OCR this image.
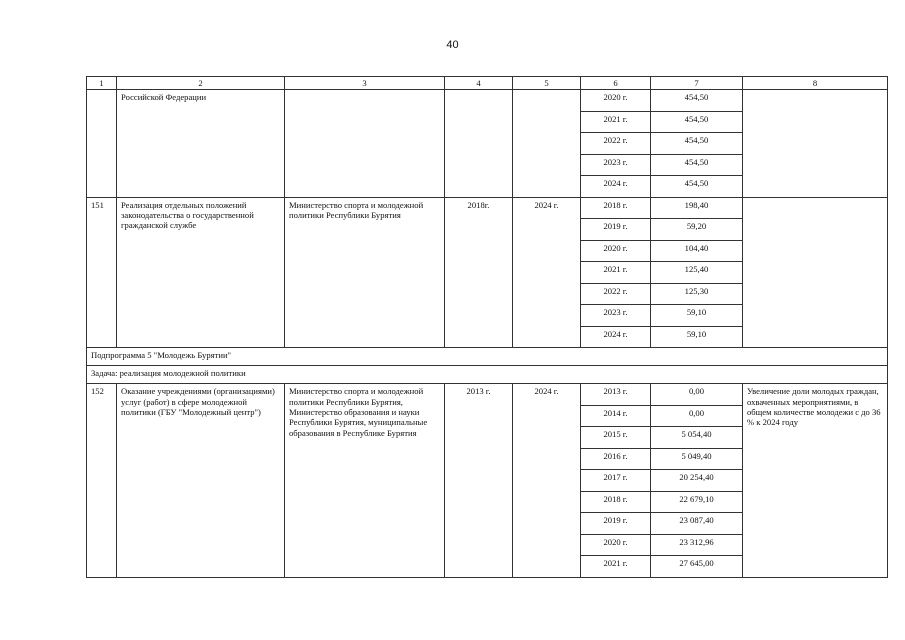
40
1	2	3	4	5	6	7	8
	Российской Федерации				2020 г.	454,50	
					2021 г.	454,50	
					2022 г.	454,50	
					2023 г.	454,50	
					2024 г.	454,50	
151	Реализация отдельных положений законодательства о государственной гражданской службе	Министерство спорта и молодежной политики Республики Бурятия	2018г.	2024 г.	2018 г.	198,40	
					2019 г.	59,20	
					2020 г.	104,40	
					2021 г.	125,40	
					2022 г.	125,30	
					2023 г.	59,10	
					2024 г.	59,10	
Подпрограмма 5 "Молодежь Бурятии"							
Задача: реализация молодежной политики							
152	Оказание учреждениями (организациями) услуг (работ) в сфере молодежной политики (ГБУ "Молодежный центр")	Министерство спорта и молодежной политики Республики Бурятия, Министерство образования и науки Республики Бурятия, муниципальные образования в Республике Бурятия	2013 г.	2024 г.	2013 г.	0,00	Увеличение доли молодых граждан, охваченных мероприятиями, в общем количестве молодежи с до 36 % к 2024 году
					2014 г.	0,00	
					2015 г.	5 054,40	
					2016 г.	5 049,40	
					2017 г.	20 254,40	
					2018 г.	22 679,10	
					2019 г.	23 087,40	
					2020 г.	23 312,96	
					2021 г.	27 645,00	
